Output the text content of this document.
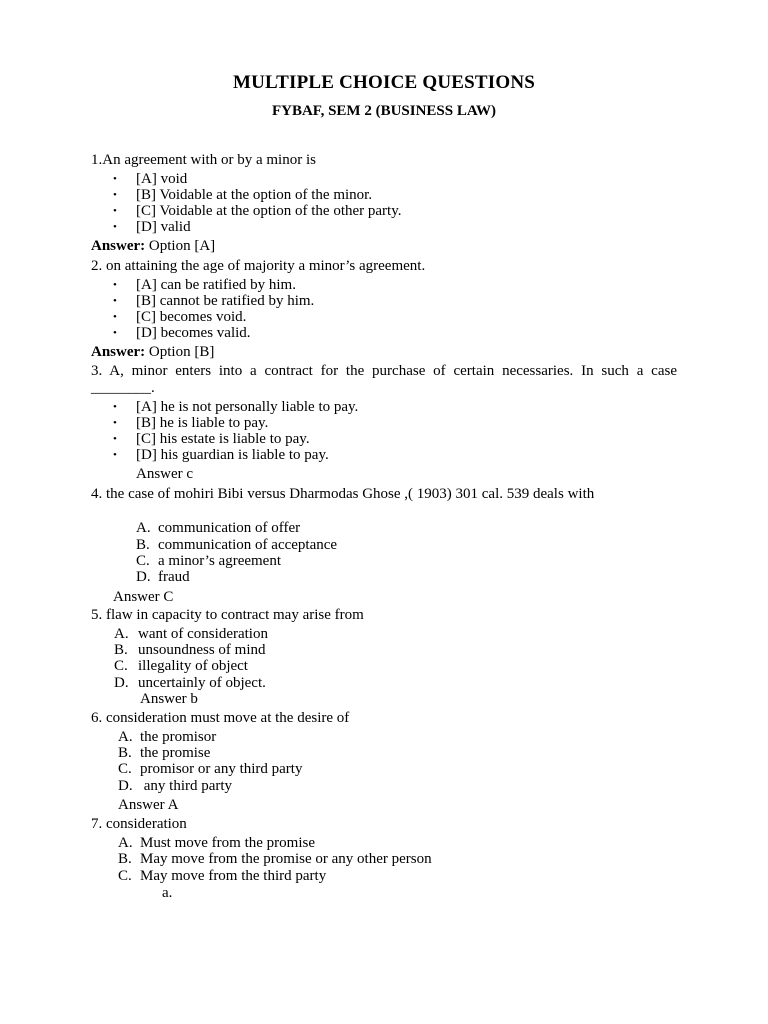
MULTIPLE CHOICE QUESTIONS
FYBAF, SEM 2 (BUSINESS LAW)
1.An agreement with or by a minor is
• [A] void
• [B] Voidable at the option of the minor.
• [C] Voidable at the option of the other party.
• [D] valid
Answer: Option [A]
2. on attaining the age of majority a minor’s agreement.
• [A] can be ratified by him.
• [B] cannot be ratified by him.
• [C] becomes void.
• [D] becomes valid.
Answer: Option [B]
3. A, minor enters into a contract for the purchase of certain necessaries. In such a case ________.
• [A] he is not personally liable to pay.
• [B] he is liable to pay.
• [C] his estate is liable to pay.
• [D] his guardian is liable to pay.
Answer c
4. the case of mohiri Bibi versus Dharmodas Ghose ,( 1903) 301 cal. 539 deals with
A. communication of offer
B. communication of acceptance
C. a minor’s agreement
D. fraud
Answer C
5. flaw in capacity to contract may arise from
A. want of consideration
B. unsoundness of mind
C. illegality of object
D. uncertainly of object.
Answer b
6. consideration must move at the desire of
A. the promisor
B. the promise
C. promisor or any third party
D. any third party
Answer A
7. consideration
A. Must move from the promise
B. May move from the promise or any other person
C. May move from the third party
a.
